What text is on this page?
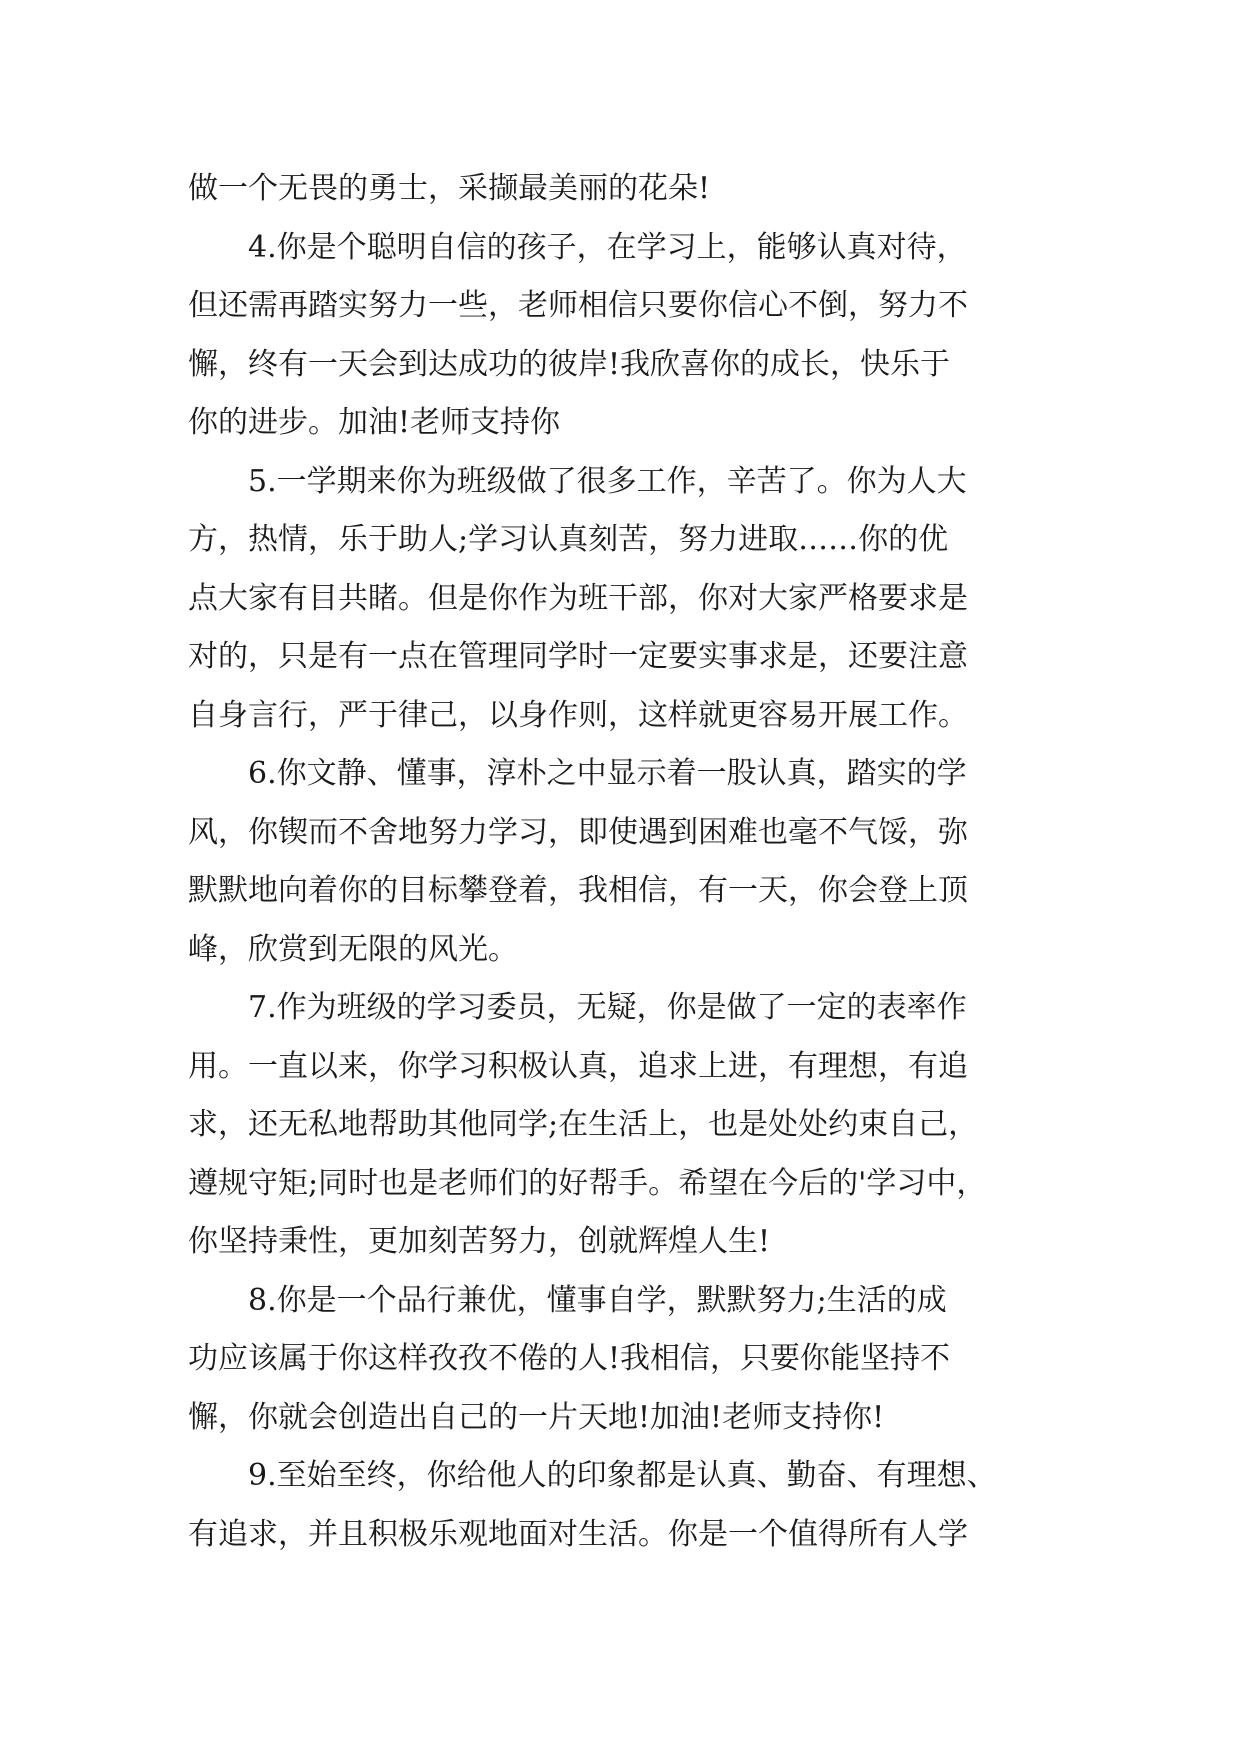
做一个无畏的勇士，采撷最美丽的花朵!
4.你是个聪明自信的孩子，在学习上，能够认真对待，
但还需再踏实努力一些，老师相信只要你信心不倒，努力不
懈，终有一天会到达成功的彼岸!我欣喜你的成长，快乐于
你的进步。加油!老师支持你
5.一学期来你为班级做了很多工作，辛苦了。你为人大
方，热情，乐于助人;学习认真刻苦，努力进取……你的优
点大家有目共睹。但是你作为班干部，你对大家严格要求是
对的，只是有一点在管理同学时一定要实事求是，还要注意
自身言行，严于律己，以身作则，这样就更容易开展工作。
6.你文静、懂事，淳朴之中显示着一股认真，踏实的学
风，你锲而不舍地努力学习，即使遇到困难也毫不气馁，弥
默默地向着你的目标攀登着，我相信，有一天，你会登上顶
峰，欣赏到无限的风光。
7.作为班级的学习委员，无疑，你是做了一定的表率作
用。一直以来，你学习积极认真，追求上进，有理想，有追
求，还无私地帮助其他同学;在生活上，也是处处约束自己，
遵规守矩;同时也是老师们的好帮手。希望在今后的'学习中，
你坚持秉性，更加刻苦努力，创就辉煌人生!
8.你是一个品行兼优，懂事自学，默默努力;生活的成
功应该属于你这样孜孜不倦的人!我相信，只要你能坚持不
懈，你就会创造出自己的一片天地!加油!老师支持你!
9.至始至终，你给他人的印象都是认真、勤奋、有理想、
有追求，并且积极乐观地面对生活。你是一个值得所有人学
